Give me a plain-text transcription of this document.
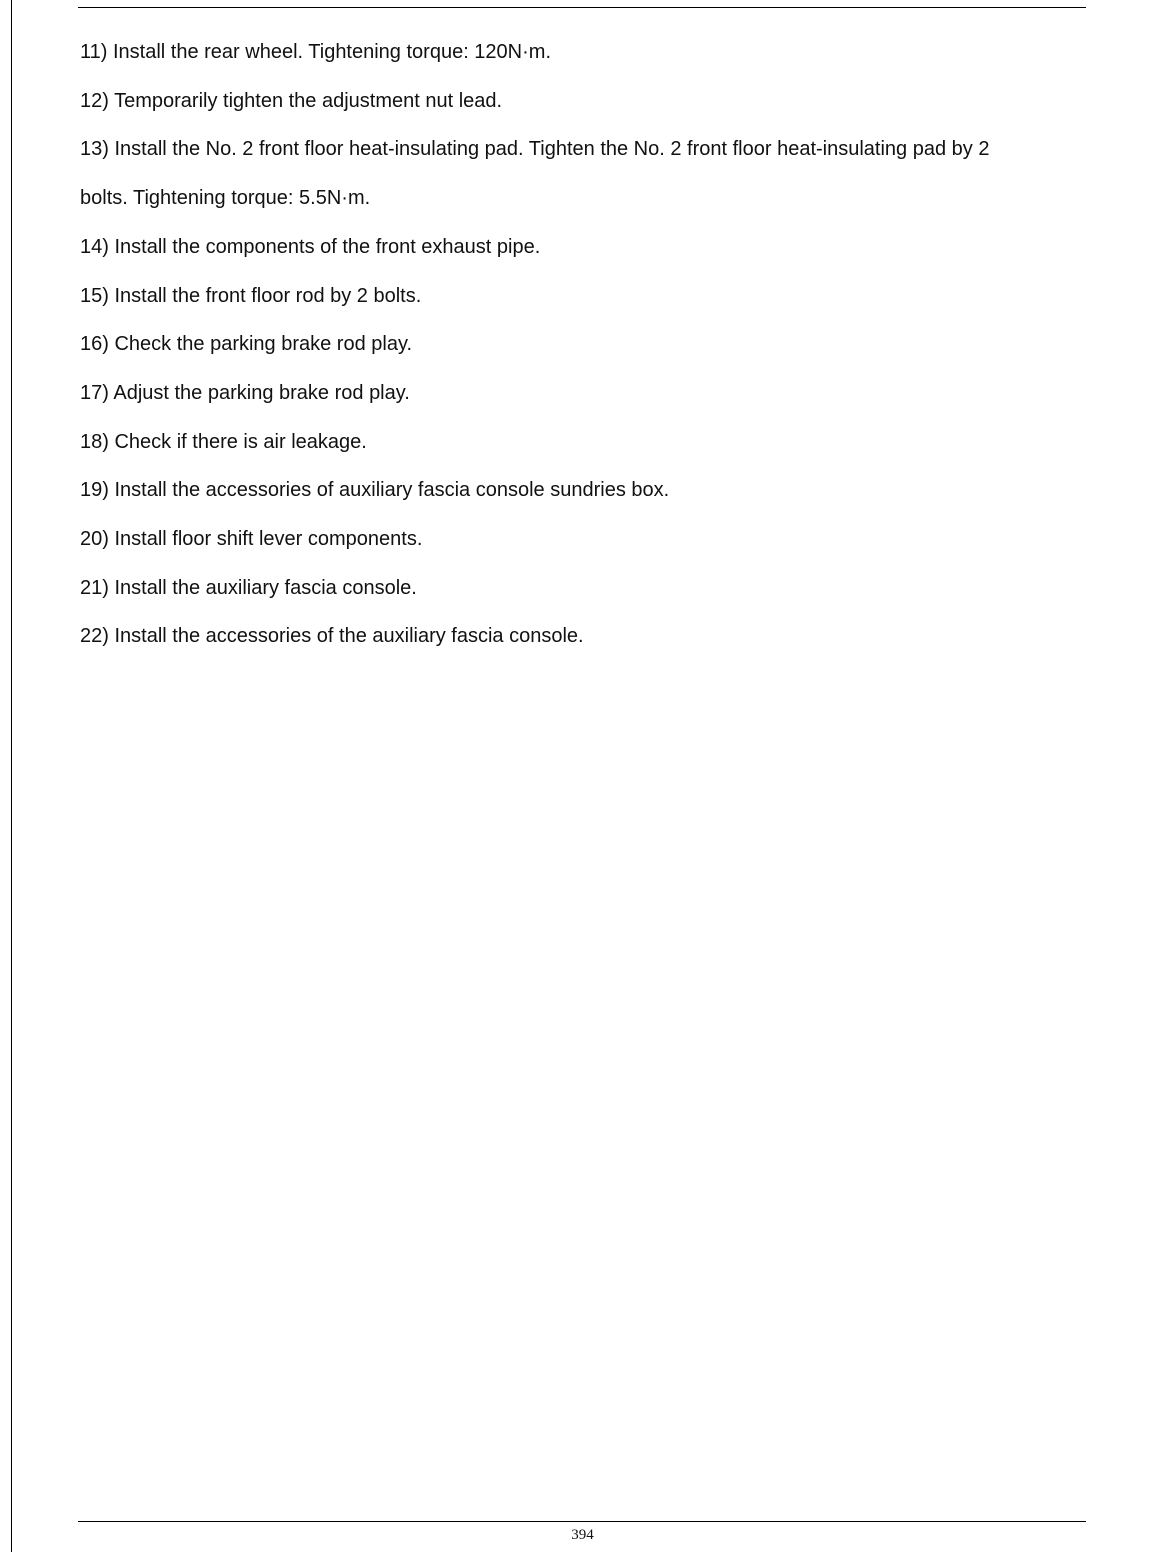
11) Install the rear wheel. Tightening torque: 120N·m.

12) Temporarily tighten the adjustment nut lead.

13) Install the No. 2 front floor heat-insulating pad. Tighten the No. 2 front floor heat-insulating pad by 2

bolts. Tightening torque: 5.5N·m.

14) Install the components of the front exhaust pipe.

15) Install the front floor rod by 2 bolts.

16) Check the parking brake rod play.

17) Adjust the parking brake rod play.

18) Check if there is air leakage.

19) Install the accessories of auxiliary fascia console sundries box.

20) Install floor shift lever components.

21) Install the auxiliary fascia console.

22) Install the accessories of the auxiliary fascia console.

394
